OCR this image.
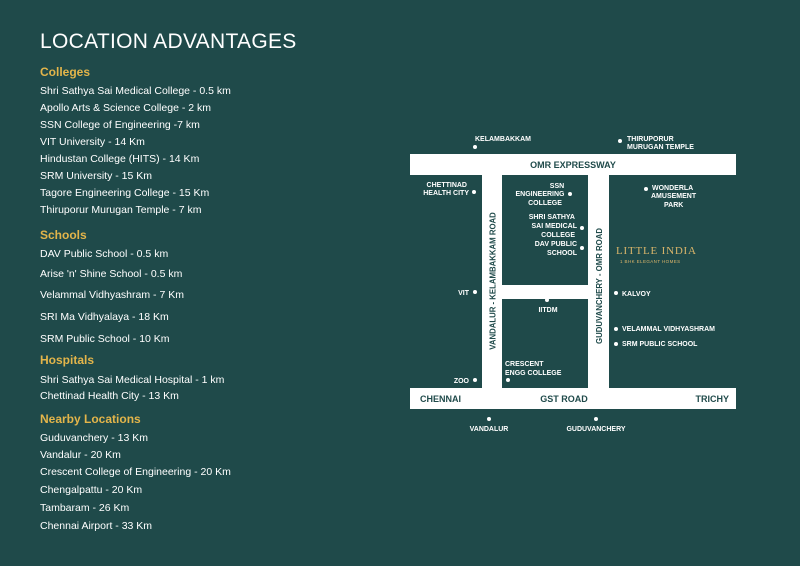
LOCATION ADVANTAGES
Colleges
Shri Sathya Sai Medical College - 0.5 km
Apollo Arts & Science College - 2 km
SSN College of Engineering -7 km
VIT University - 14 Km
Hindustan College (HITS) - 14 Km
SRM University - 15 Km
Tagore Engineering College - 15 Km
Thiruporur Murugan Temple - 7 km
Schools
DAV Public School - 0.5 km
Arise 'n' Shine School - 0.5 km
Velammal Vidhyashram - 7 Km
SRI Ma Vidhyalaya - 18 Km
SRM Public School - 10 Km
Hospitals
Shri Sathya Sai Medical Hospital - 1 km
Chettinad Health City - 13 Km
Nearby Locations
Guduvanchery - 13 Km
Vandalur - 20 Km
Crescent College of Engineering - 20 Km
Chengalpattu - 20 Km
Tambaram - 26 Km
Chennai Airport - 33 Km
OMR EXPRESSWAY
GST ROAD
CHENNAI	TRICHY
VANDALUR - KELAMBAKKAM ROAD	GUDUVANCHERY - OMR ROAD
KELAMBAKKAM	THIRUPORUR
MURUGAN TEMPLE
CHETTINAD
HEALTH CITY
SSN
ENGINEERING
COLLEGE
SHRI SATHYA
SAI MEDICAL
COLLEGE
DAV PUBLIC
SCHOOL
WONDERLA
AMUSEMENT
PARK
VIT
IITDM
KALVOY
VELAMMAL VIDHYASHRAM
SRM PUBLIC SCHOOL
CRESCENT
ENGG COLLEGE
ZOO
VANDALUR	GUDUVANCHERY
LITTLE INDIA
1 BHK ELEGANT HOMES
